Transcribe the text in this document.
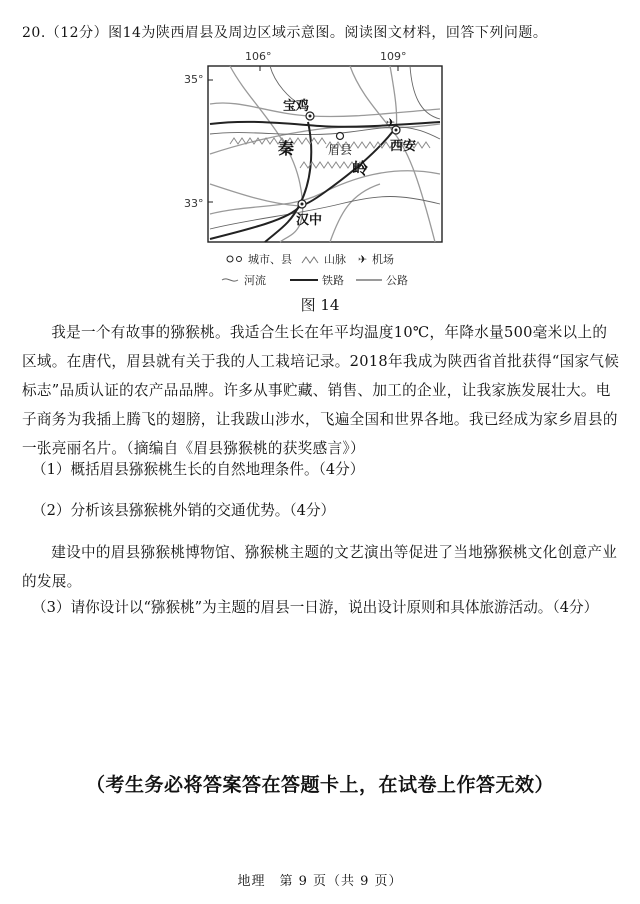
20.（12分）图14为陕西眉县及周边区域示意图。阅读图文材料，回答下列问题。
106°	109°
35°
33°
宝鸡
眉县
✈
西安
汉中
秦
岭
城市、县	山脉 ✈ 机场
河流	铁路	公路
图 14
我是一个有故事的猕猴桃。我适合生长在年平均温度10℃，年降水量500毫米以上的区域。在唐代，眉县就有关于我的人工栽培记录。2018年我成为陕西省首批获得“国家气候标志”品质认证的农产品品牌。许多从事贮藏、销售、加工的企业，让我家族发展壮大。电子商务为我插上腾飞的翅膀，让我跋山涉水，飞遍全国和世界各地。我已经成为家乡眉县的一张亮丽名片。（摘编自《眉县猕猴桃的获奖感言》）
（1）概括眉县猕猴桃生长的自然地理条件。（4分）
（2）分析该县猕猴桃外销的交通优势。（4分）
建设中的眉县猕猴桃博物馆、猕猴桃主题的文艺演出等促进了当地猕猴桃文化创意产业的发展。
（3）请你设计以“猕猴桃”为主题的眉县一日游，说出设计原则和具体旅游活动。（4分）
（考生务必将答案答在答题卡上，在试卷上作答无效）
地理　第 9 页（共 9 页）
